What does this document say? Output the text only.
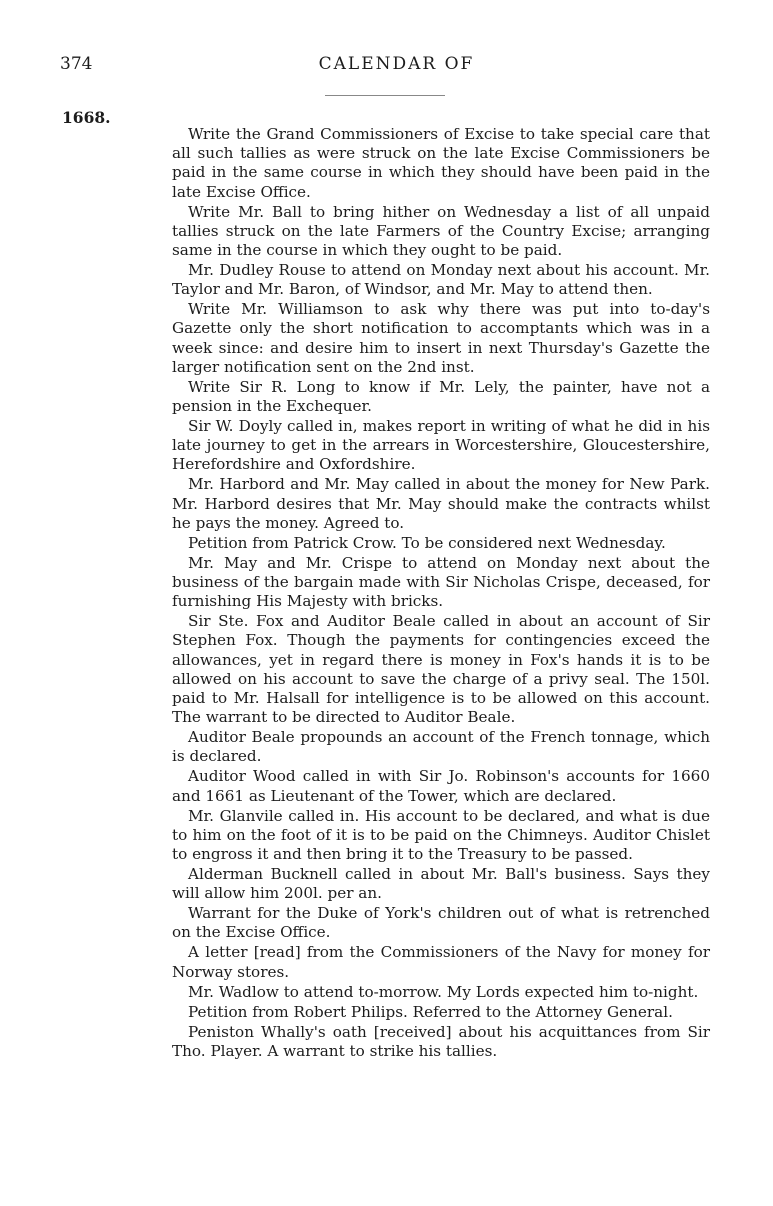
374	CALENDAR OF
1668.

Write the Grand Commissioners of Excise to take special care that all such tallies as were struck on the late Excise Commissioners be paid in the same course in which they should have been paid in the late Excise Office.

Write Mr. Ball to bring hither on Wednesday a list of all unpaid tallies struck on the late Farmers of the Country Excise; arranging same in the course in which they ought to be paid.

Mr. Dudley Rouse to attend on Monday next about his account. Mr. Taylor and Mr. Baron, of Windsor, and Mr. May to attend then.

Write Mr. Williamson to ask why there was put into to-day's Gazette only the short notification to accomptants which was in a week since: and desire him to insert in next Thursday's Gazette the larger notification sent on the 2nd inst.

Write Sir R. Long to know if Mr. Lely, the painter, have not a pension in the Exchequer.

Sir W. Doyly called in, makes report in writing of what he did in his late journey to get in the arrears in Worcestershire, Gloucestershire, Herefordshire and Oxfordshire.

Mr. Harbord and Mr. May called in about the money for New Park. Mr. Harbord desires that Mr. May should make the contracts whilst he pays the money. Agreed to.

Petition from Patrick Crow. To be considered next Wednesday.

Mr. May and Mr. Crispe to attend on Monday next about the business of the bargain made with Sir Nicholas Crispe, deceased, for furnishing His Majesty with bricks.

Sir Ste. Fox and Auditor Beale called in about an account of Sir Stephen Fox. Though the payments for contingencies exceed the allowances, yet in regard there is money in Fox's hands it is to be allowed on his account to save the charge of a privy seal. The 150l. paid to Mr. Halsall for intelligence is to be allowed on this account. The warrant to be directed to Auditor Beale.

Auditor Beale propounds an account of the French tonnage, which is declared.

Auditor Wood called in with Sir Jo. Robinson's accounts for 1660 and 1661 as Lieutenant of the Tower, which are declared.

Mr. Glanvile called in. His account to be declared, and what is due to him on the foot of it is to be paid on the Chimneys. Auditor Chislet to engross it and then bring it to the Treasury to be passed.

Alderman Bucknell called in about Mr. Ball's business. Says they will allow him 200l. per an.

Warrant for the Duke of York's children out of what is retrenched on the Excise Office.

A letter [read] from the Commissioners of the Navy for money for Norway stores.

Mr. Wadlow to attend to-morrow. My Lords expected him to-night.

Petition from Robert Philips. Referred to the Attorney General.

Peniston Whally's oath [received] about his acquittances from Sir Tho. Player. A warrant to strike his tallies.
